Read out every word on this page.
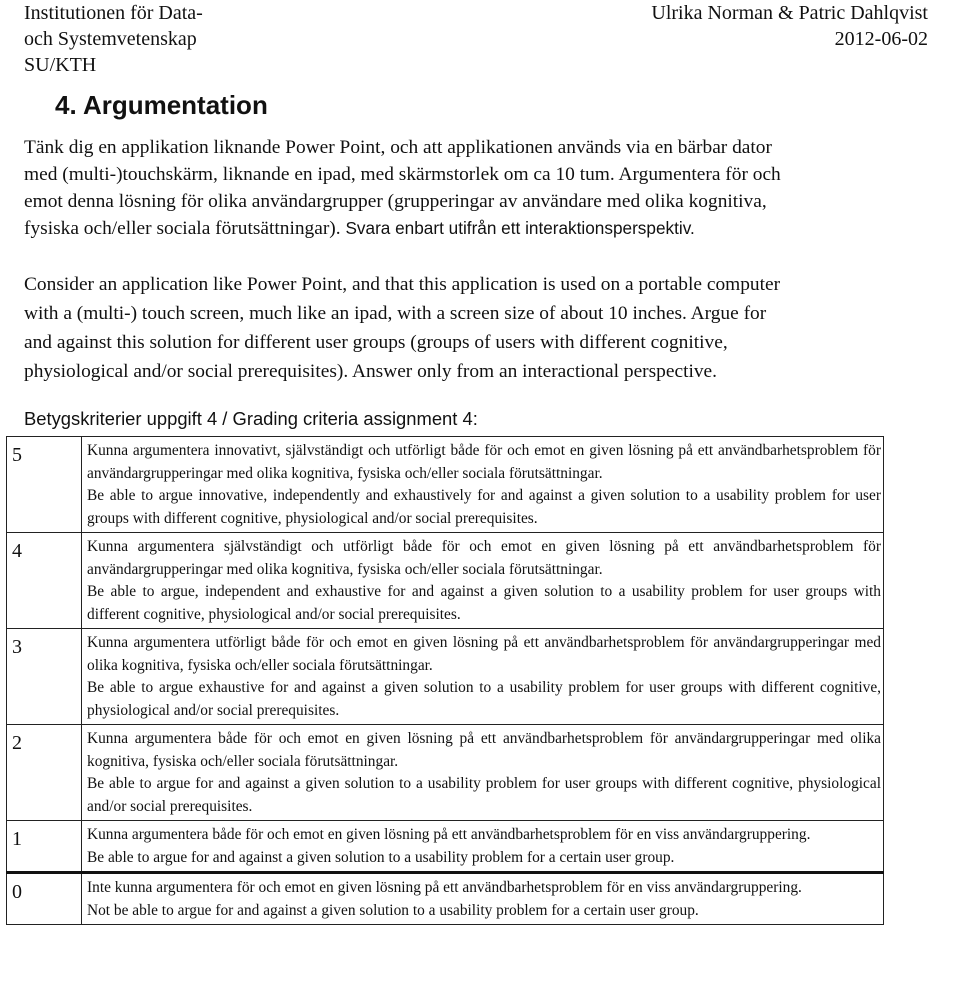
Institutionen för Data-
och Systemvetenskap
SU/KTH
Ulrika Norman & Patric Dahlqvist
2012-06-02
4. Argumentation
Tänk dig en applikation liknande Power Point, och att applikationen används via en bärbar dator
med (multi-)touchskärm, liknande en ipad, med skärmstorlek om ca 10 tum. Argumentera för och
emot denna lösning för olika användargrupper (grupperingar av användare med olika kognitiva,
fysiska och/eller sociala förutsättningar). Svara enbart utifrån ett interaktionsperspektiv.
Consider an application like Power Point, and that this application is used on a portable computer
with a (multi-) touch screen, much like an ipad, with a screen size of about 10 inches. Argue for
and against this solution for different user groups (groups of users with different cognitive,
physiological and/or social prerequisites). Answer only from an interactional perspective.
Betygskriterier uppgift 4 / Grading criteria assignment 4:
5	Kunna argumentera innovativt, självständigt och utförligt både för och emot en given lösning på ett användbarhetsproblem för användargrupperingar med olika kognitiva, fysiska och/eller sociala förutsättningar.

Be able to argue innovative, independently and exhaustively for and against a given solution to a usability problem for user groups with different cognitive, physiological and/or social prerequisites.

4	Kunna argumentera självständigt och utförligt både för och emot en given lösning på ett användbarhetsproblem för användargrupperingar med olika kognitiva, fysiska och/eller sociala förutsättningar.

Be able to argue, independent and exhaustive for and against a given solution to a usability problem for user groups with different cognitive, physiological and/or social prerequisites.

3	Kunna argumentera utförligt både för och emot en given lösning på ett användbarhetsproblem för användargrupperingar med olika kognitiva, fysiska och/eller sociala förutsättningar.

Be able to argue exhaustive for and against a given solution to a usability problem for user groups with different cognitive, physiological and/or social prerequisites.

2	Kunna argumentera både för och emot en given lösning på ett användbarhetsproblem för användargrupperingar med olika kognitiva, fysiska och/eller sociala förutsättningar.

Be able to argue for and against a given solution to a usability problem for user groups with different cognitive, physiological and/or social prerequisites.

1	Kunna argumentera både för och emot en given lösning på ett användbarhetsproblem för en viss användargruppering.

Be able to argue for and against a given solution to a usability problem for a certain user group.

0	Inte kunna argumentera för och emot en given lösning på ett användbarhetsproblem för en viss användargruppering.

Not be able to argue for and against a given solution to a usability problem for a certain user group.
